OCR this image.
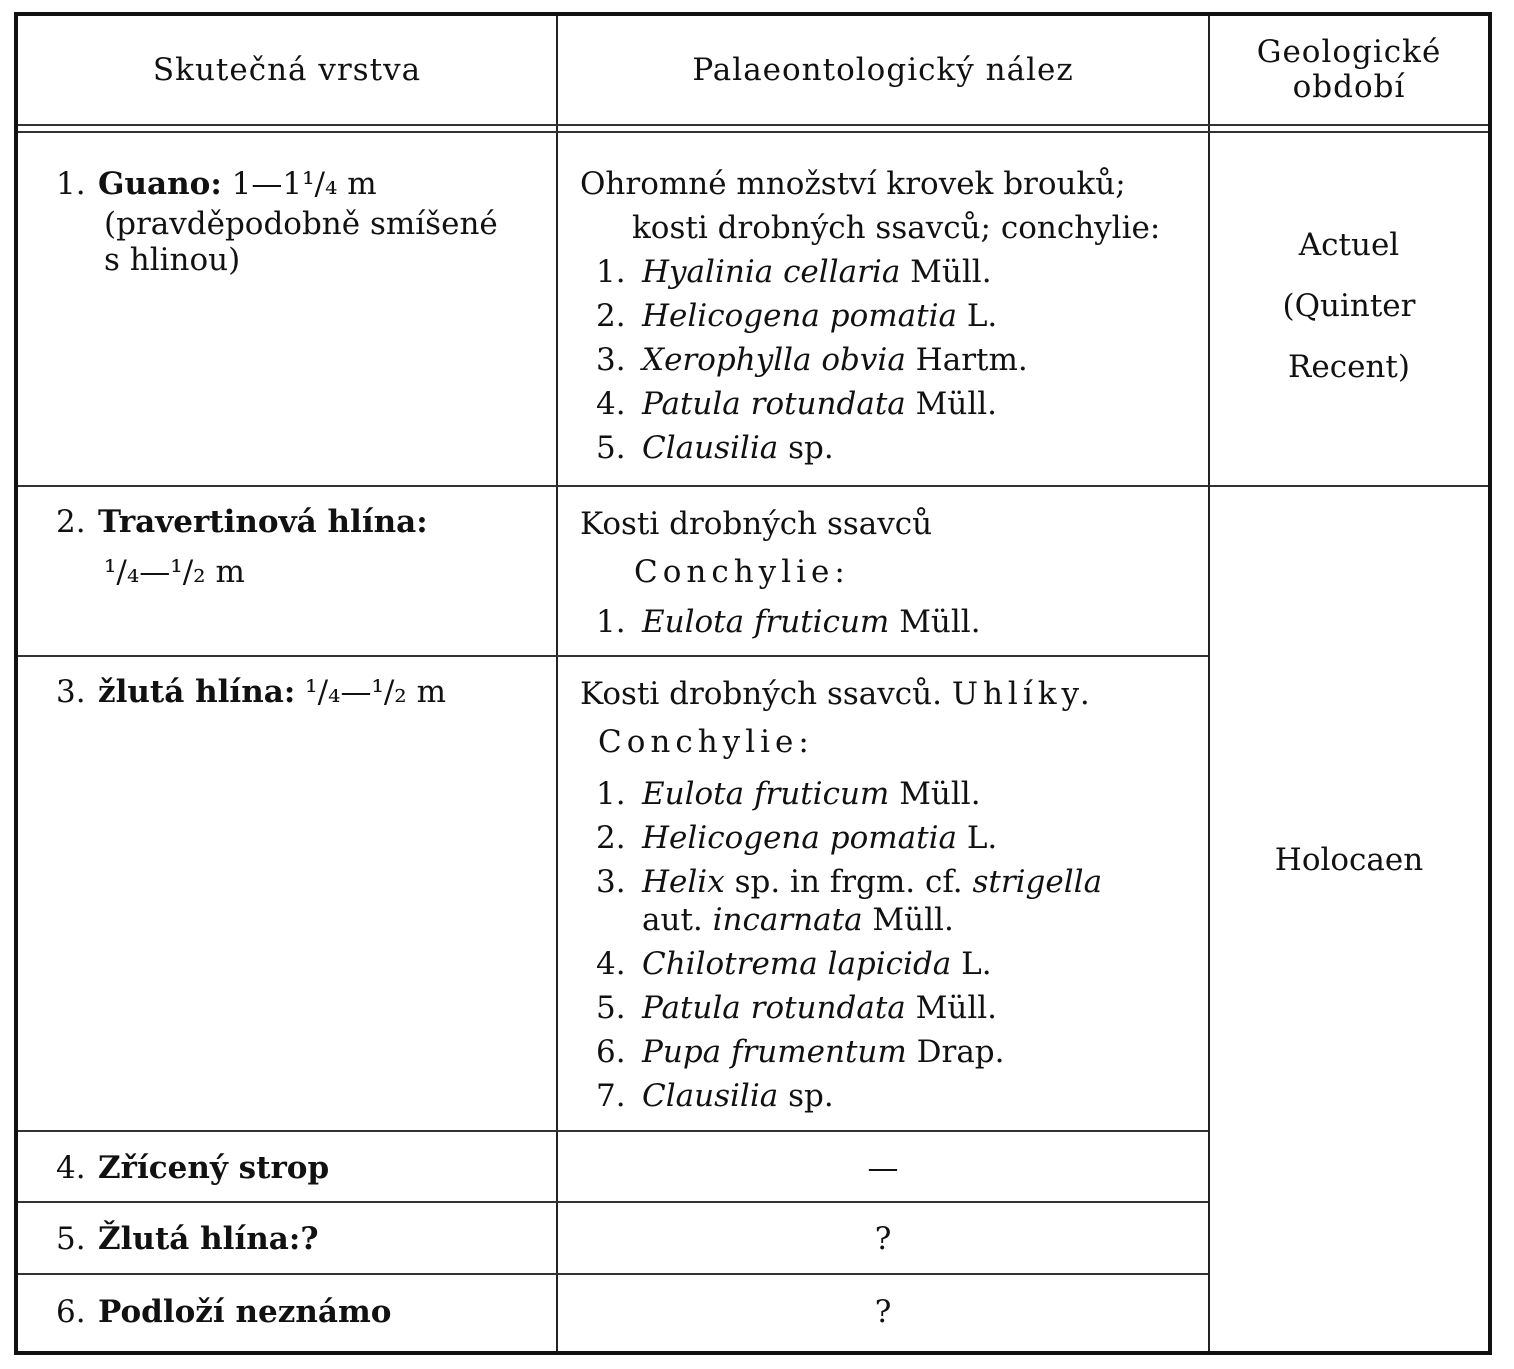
Skutečná vrstva	Palaeontologický nález	Geologické
období
1. Guano: 1—1¹/₄ m
(pravděpodobně smíšené
s hlinou)
2. Travertinová hlína:
¹/₄—¹/₂ m
3. žlutá hlína: ¹/₄—¹/₂ m
4. Zřícený strop
5. Žlutá hlína:?
6. Podloží neznámo
Ohromné množství krovek brouků;
kosti drobných ssavců; conchylie:
1. Hyalinia cellaria Müll.
2. Helicogena pomatia L.
3. Xerophylla obvia Hartm.
4. Patula rotundata Müll.
5. Clausilia sp.
Kosti drobných ssavců
Conchylie:
1. Eulota fruticum Müll.
Kosti drobných ssavců. Uhlíky.
Conchylie:
1. Eulota fruticum Müll.
2. Helicogena pomatia L.
3. Helix sp. in frgm. cf. strigella
aut. incarnata Müll.
4. Chilotrema lapicida L.
5. Patula rotundata Müll.
6. Pupa frumentum Drap.
7. Clausilia sp.
—
?
?
Actuel
(Quinter
Recent)
Holocaen
